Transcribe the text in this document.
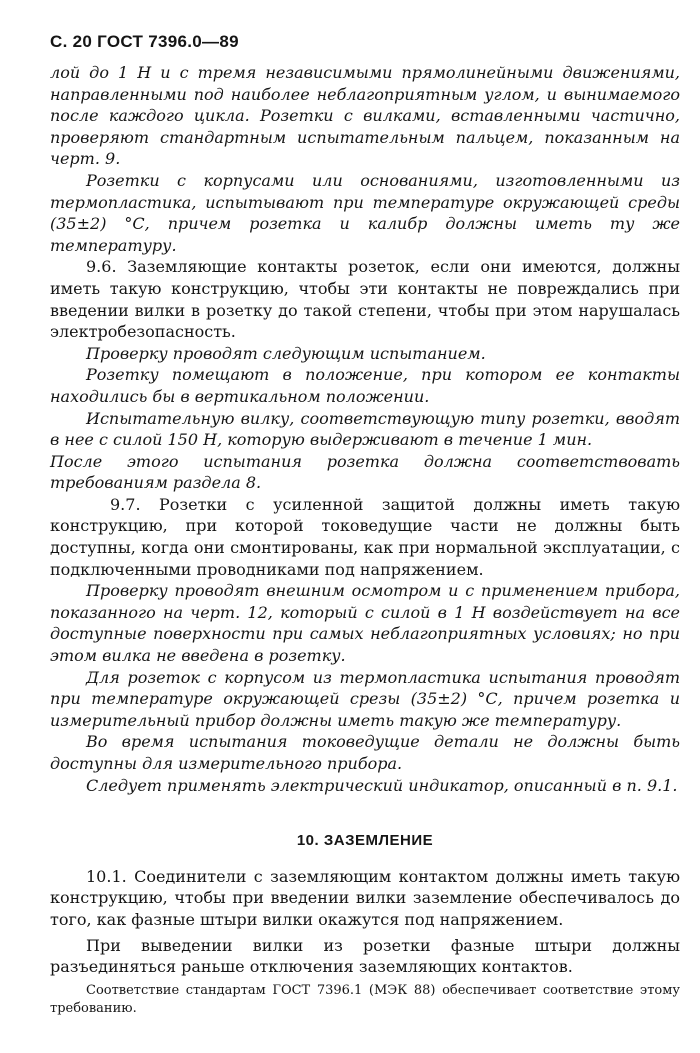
С. 20 ГОСТ 7396.0—89

лой до 1 Н и с тремя независимыми прямолинейными движениями, направленными под наиболее неблагоприятным углом, и вынимаемого после каждого цикла. Розетки с вилками, вставленными частично, проверяют стандартным испытательным пальцем, показанным на черт. 9.

Розетки с корпусами или основаниями, изготовленными из термопластика, испытывают при температуре окружающей среды (35±2) °С, причем розетка и калибр должны иметь ту же температуру.

9.6. Заземляющие контакты розеток, если они имеются, должны иметь такую конструкцию, чтобы эти контакты не повреждались при введении вилки в розетку до такой степени, чтобы при этом нарушалась электробезопасность.

Проверку проводят следующим испытанием.

Розетку помещают в положение, при котором ее контакты находились бы в вертикальном положении.

Испытательную вилку, соответствующую типу розетки, вводят в нее с силой 150 Н, которую выдерживают в течение 1 мин.

После этого испытания розетка должна соответствовать требованиям раздела 8.

9.7. Розетки с усиленной защитой должны иметь такую конструкцию, при которой токоведущие части не должны быть доступны, когда они смонтированы, как при нормальной эксплуатации, с подключенными проводниками под напряжением.

Проверку проводят внешним осмотром и с применением прибора, показанного на черт. 12, который с силой в 1 Н воздействует на все доступные поверхности при самых неблагоприятных условиях; но при этом вилка не введена в розетку.

Для розеток с корпусом из термопластика испытания проводят при температуре окружающей срезы (35±2) °С, причем розетка и измерительный прибор должны иметь такую же температуру.

Во время испытания токоведущие детали не должны быть доступны для измерительного прибора.

Следует применять электрический индикатор, описанный в п. 9.1.

10. ЗАЗЕМЛЕНИЕ

10.1. Соединители с заземляющим контактом должны иметь такую конструкцию, чтобы при введении вилки заземление обеспечивалось до того, как фазные штыри вилки окажутся под напряжением.

При выведении вилки из розетки фазные штыри должны разъединяться раньше отключения заземляющих контактов.

Соответствие стандартам ГОСТ 7396.1 (МЭК 88) обеспечивает соответствие этому требованию.
